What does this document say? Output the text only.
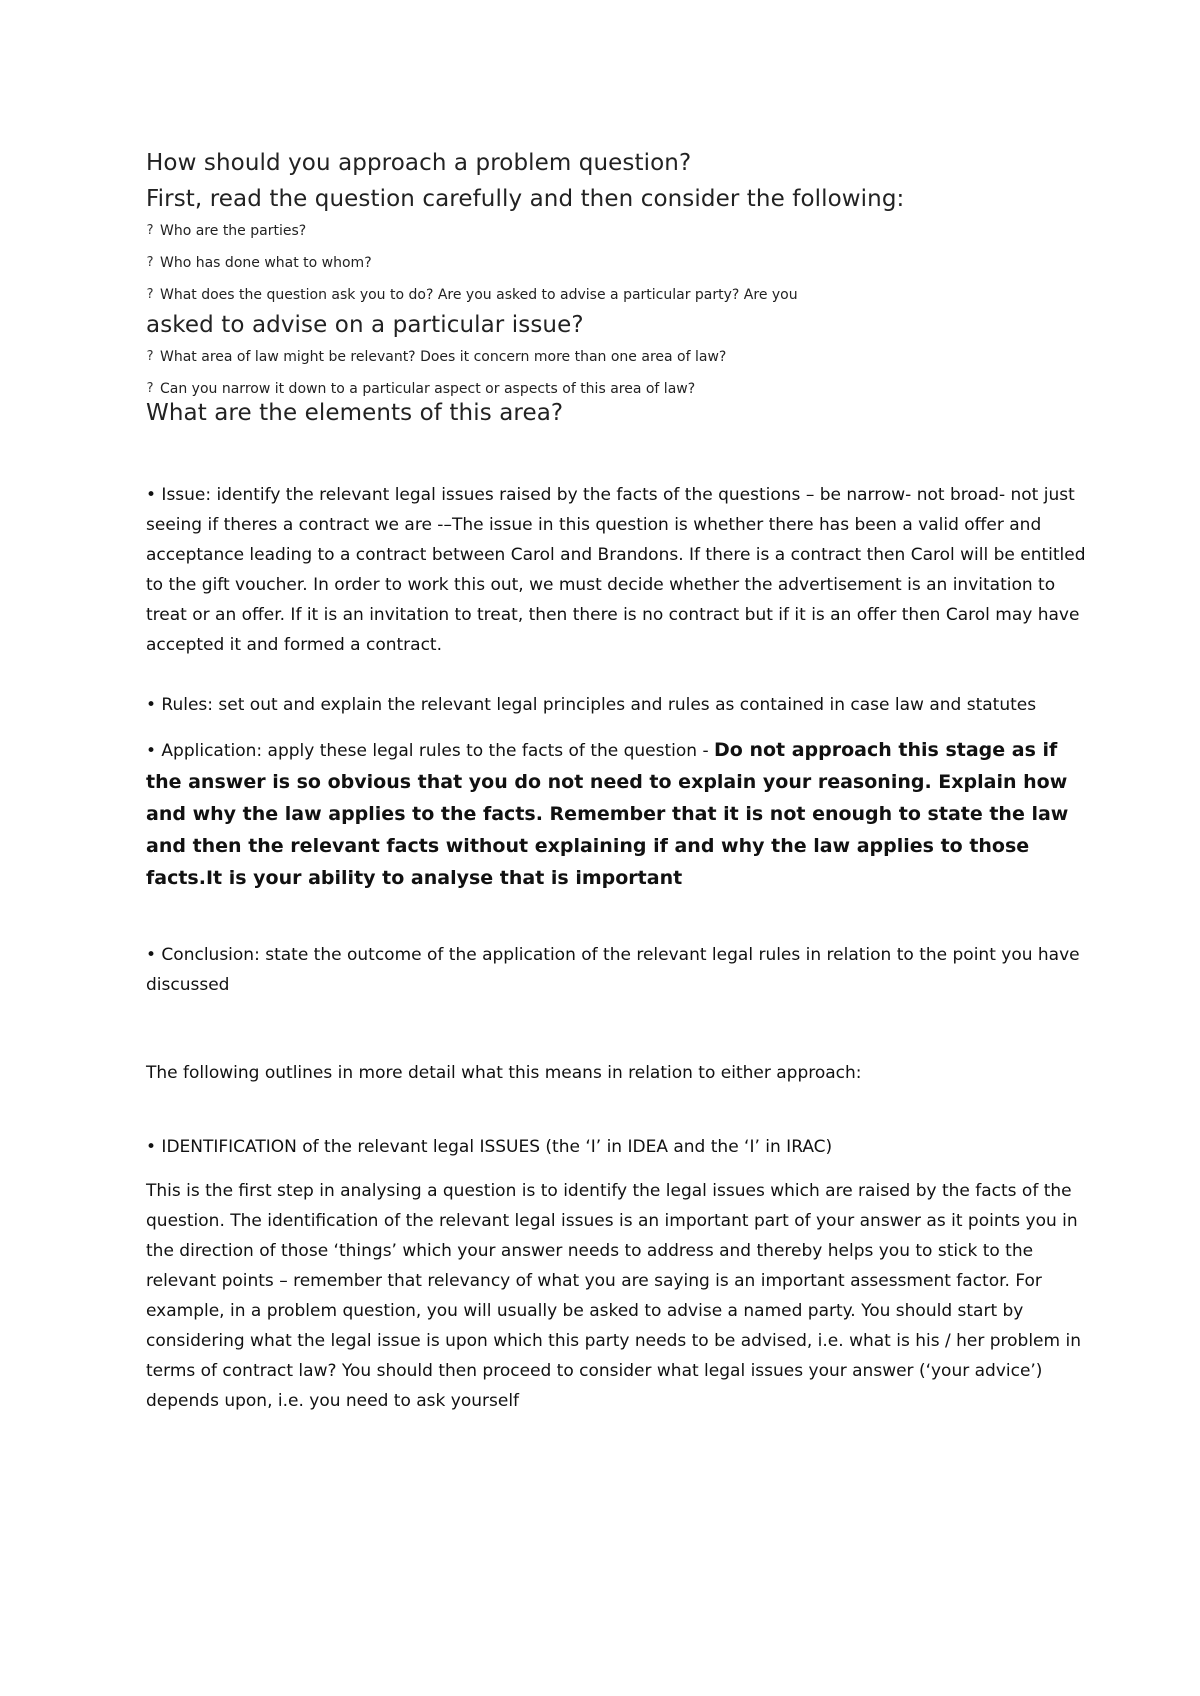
How should you approach a problem question?
First, read the question carefully and then consider the following:
? Who are the parties?
? Who has done what to whom?
? What does the question ask you to do? Are you asked to advise a particular party? Are you
asked to advise on a particular issue?
? What area of law might be relevant? Does it concern more than one area of law?
? Can you narrow it down to a particular aspect or aspects of this area of law?
What are the elements of this area?

• Issue: identify the relevant legal issues raised by the facts of the questions – be narrow- not broad- not just seeing if theres a contract we are -–The issue in this question is whether there has been a valid offer and acceptance leading to a contract between Carol and Brandons. If there is a contract then Carol will be entitled to the gift voucher. In order to work this out, we must decide whether the advertisement is an invitation to treat or an offer. If it is an invitation to treat, then there is no contract but if it is an offer then Carol may have accepted it and formed a contract.

• Rules: set out and explain the relevant legal principles and rules as contained in case law and statutes

• Application: apply these legal rules to the facts of the question - Do not approach this stage as if the answer is so obvious that you do not need to explain your reasoning. Explain how and why the law applies to the facts. Remember that it is not enough to state the law and then the relevant facts without explaining if and why the law applies to those facts.It is your ability to analyse that is important

• Conclusion: state the outcome of the application of the relevant legal rules in relation to the point you have discussed

The following outlines in more detail what this means in relation to either approach:

• IDENTIFICATION of the relevant legal ISSUES (the ‘I’ in IDEA and the ‘I’ in IRAC)

This is the first step in analysing a question is to identify the legal issues which are raised by the facts of the question. The identification of the relevant legal issues is an important part of your answer as it points you in the direction of those ‘things’ which your answer needs to address and thereby helps you to stick to the relevant points – remember that relevancy of what you are saying is an important assessment factor. For example, in a problem question, you will usually be asked to advise a named party. You should start by considering what the legal issue is upon which this party needs to be advised, i.e. what is his / her problem in terms of contract law? You should then proceed to consider what legal issues your answer (‘your advice’) depends upon, i.e. you need to ask yourself
